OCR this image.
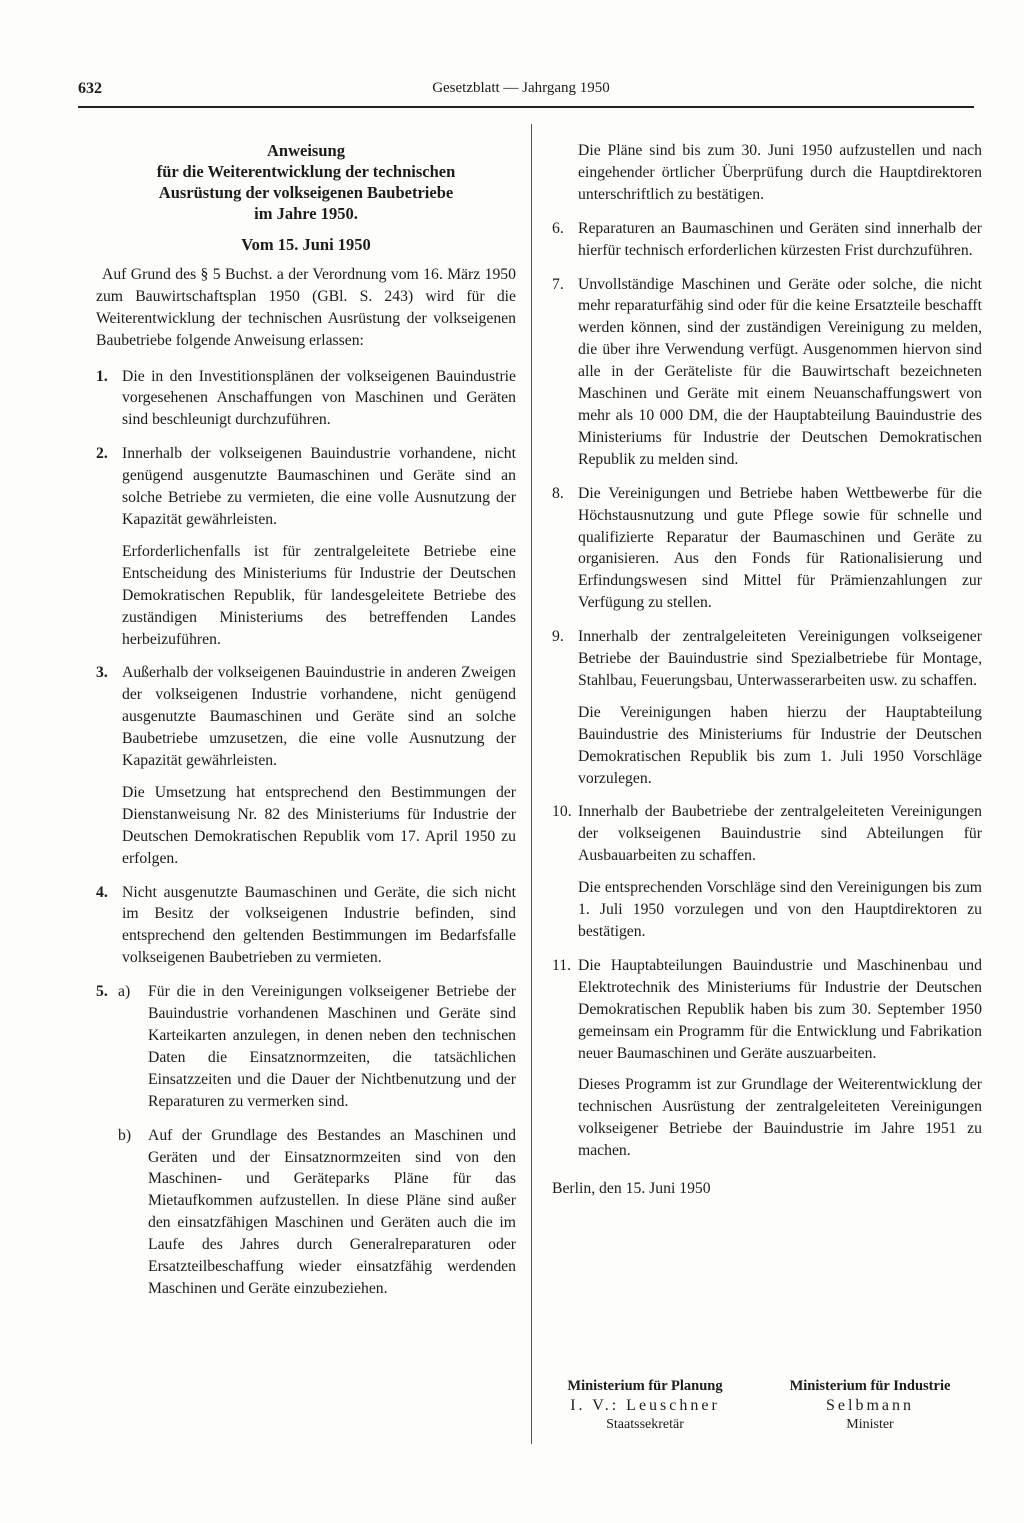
632	Gesetzblatt — Jahrgang 1950
Anweisung
für die Weiterentwicklung der technischen
Ausrüstung der volkseigenen Baubetriebe
im Jahre 1950.
Vom 15. Juni 1950

Auf Grund des § 5 Buchst. a der Verordnung vom 16. März 1950 zum Bauwirtschaftsplan 1950 (GBl. S. 243) wird für die Weiterentwicklung der technischen Ausrüstung der volkseigenen Baubetriebe folgende Anweisung erlassen:

1. Die in den Investitionsplänen der volkseigenen Bauindustrie vorgesehenen Anschaffungen von Maschinen und Geräten sind beschleunigt durchzuführen.

2. Innerhalb der volkseigenen Bauindustrie vorhandene, nicht genügend ausgenutzte Baumaschinen und Geräte sind an solche Betriebe zu vermieten, die eine volle Ausnutzung der Kapazität gewährleisten.

Erforderlichenfalls ist für zentralgeleitete Betriebe eine Entscheidung des Ministeriums für Industrie der Deutschen Demokratischen Republik, für landesgeleitete Betriebe des zuständigen Ministeriums des betreffenden Landes herbeizuführen.

3. Außerhalb der volkseigenen Bauindustrie in anderen Zweigen der volkseigenen Industrie vorhandene, nicht genügend ausgenutzte Baumaschinen und Geräte sind an solche Baubetriebe umzusetzen, die eine volle Ausnutzung der Kapazität gewährleisten.

Die Umsetzung hat entsprechend den Bestimmungen der Dienstanweisung Nr. 82 des Ministeriums für Industrie der Deutschen Demokratischen Republik vom 17. April 1950 zu erfolgen.

4. Nicht ausgenutzte Baumaschinen und Geräte, die sich nicht im Besitz der volkseigenen Industrie befinden, sind entsprechend den geltenden Bestimmungen im Bedarfsfalle volkseigenen Baubetrieben zu vermieten.

5. a) Für die in den Vereinigungen volkseigener Betriebe der Bauindustrie vorhandenen Maschinen und Geräte sind Karteikarten anzulegen, in denen neben den technischen Daten die Einsatznormzeiten, die tatsächlichen Einsatzzeiten und die Dauer der Nichtbenutzung und der Reparaturen zu vermerken sind.

b) Auf der Grundlage des Bestandes an Maschinen und Geräten und der Einsatznormzeiten sind von den Maschinen- und Geräteparks Pläne für das Mietaufkommen aufzustellen. In diese Pläne sind außer den einsatzfähigen Maschinen und Geräten auch die im Laufe des Jahres durch Generalreparaturen oder Ersatzteilbeschaffung wieder einsatzfähig werdenden Maschinen und Geräte einzubeziehen.

Die Pläne sind bis zum 30. Juni 1950 aufzustellen und nach eingehender örtlicher Überprüfung durch die Hauptdirektoren unterschriftlich zu bestätigen.

6. Reparaturen an Baumaschinen und Geräten sind innerhalb der hierfür technisch erforderlichen kürzesten Frist durchzuführen.

7. Unvollständige Maschinen und Geräte oder solche, die nicht mehr reparaturfähig sind oder für die keine Ersatzteile beschafft werden können, sind der zuständigen Vereinigung zu melden, die über ihre Verwendung verfügt. Ausgenommen hiervon sind alle in der Geräteliste für die Bauwirtschaft bezeichneten Maschinen und Geräte mit einem Neuanschaffungswert von mehr als 10 000 DM, die der Hauptabteilung Bauindustrie des Ministeriums für Industrie der Deutschen Demokratischen Republik zu melden sind.

8. Die Vereinigungen und Betriebe haben Wettbewerbe für die Höchstausnutzung und gute Pflege sowie für schnelle und qualifizierte Reparatur der Baumaschinen und Geräte zu organisieren. Aus den Fonds für Rationalisierung und Erfindungswesen sind Mittel für Prämienzahlungen zur Verfügung zu stellen.

9. Innerhalb der zentralgeleiteten Vereinigungen volkseigener Betriebe der Bauindustrie sind Spezialbetriebe für Montage, Stahlbau, Feuerungsbau, Unterwasserarbeiten usw. zu schaffen.

Die Vereinigungen haben hierzu der Hauptabteilung Bauindustrie des Ministeriums für Industrie der Deutschen Demokratischen Republik bis zum 1. Juli 1950 Vorschläge vorzulegen.

10. Innerhalb der Baubetriebe der zentralgeleiteten Vereinigungen der volkseigenen Bauindustrie sind Abteilungen für Ausbauarbeiten zu schaffen.

Die entsprechenden Vorschläge sind den Vereinigungen bis zum 1. Juli 1950 vorzulegen und von den Hauptdirektoren zu bestätigen.

11. Die Hauptabteilungen Bauindustrie und Maschinenbau und Elektrotechnik des Ministeriums für Industrie der Deutschen Demokratischen Republik haben bis zum 30. September 1950 gemeinsam ein Programm für die Entwicklung und Fabrikation neuer Baumaschinen und Geräte auszuarbeiten.

Dieses Programm ist zur Grundlage der Weiterentwicklung der technischen Ausrüstung der zentralgeleiteten Vereinigungen volkseigener Betriebe der Bauindustrie im Jahre 1951 zu machen.

Berlin, den 15. Juni 1950

Ministerium für Planung
I. V.: Leuschner
Staatssekretär
Ministerium für Industrie
Selbmann
Minister
